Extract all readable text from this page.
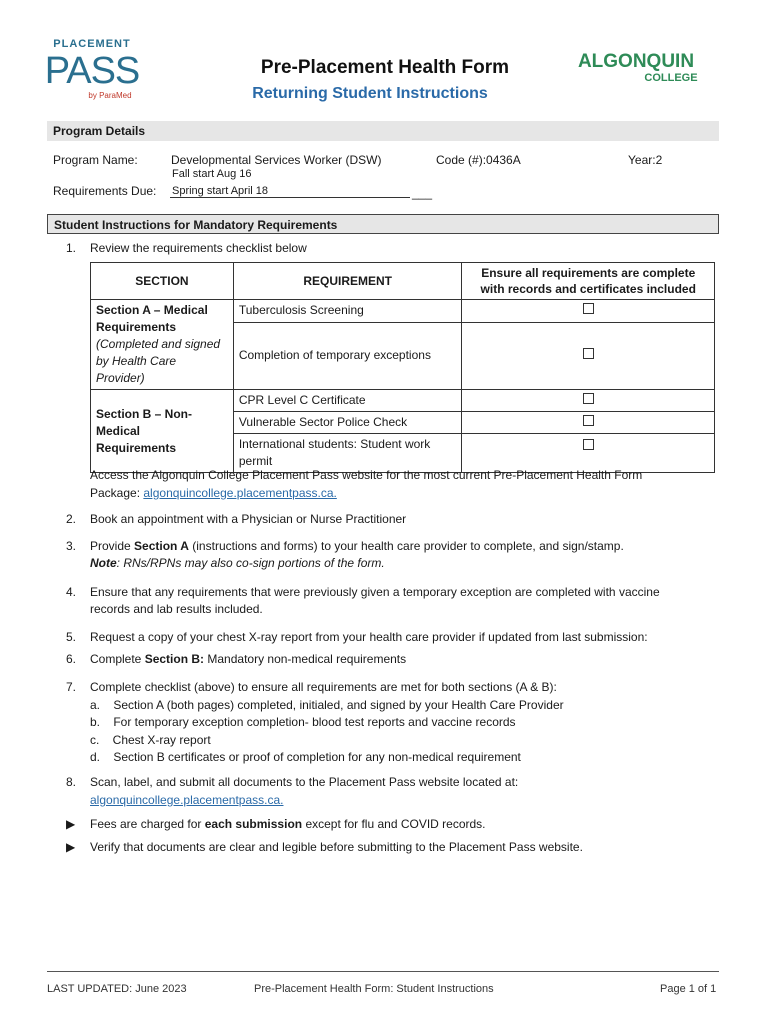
PLACEMENT
PASS
by ParaMed
ALGONQUIN
COLLEGE
Pre-Placement Health Form
Returning Student Instructions
Program Details
Program Name:	Developmental Services Worker (DSW)	Code (#):0436A	Year:2
Fall start Aug 16
Requirements Due: Spring start April 18	___
Student Instructions for Mandatory Requirements
1. Review the requirements checklist below
SECTION	REQUIREMENT	Ensure all requirements are complete
with records and certificates included

Section A – Medical
Requirements
(Completed and signed
by Health Care
Provider)	Tuberculosis Screening	
	Completion of temporary exceptions	

Section B – Non-
Medical
Requirements	CPR Level C Certificate	
	Vulnerable Sector Police Check	

	International students: Student work
permit	

Access the Algonquin College Placement Pass website for the most current Pre-Placement Health Form
Package: algonquincollege.placementpass.ca.
2. Book an appointment with a Physician or Nurse Practitioner
3. Provide Section A (instructions and forms) to your health care provider to complete, and sign/stamp.
Note: RNs/RPNs may also co-sign portions of the form.
4. Ensure that any requirements that were previously given a temporary exception are completed with vaccine
records and lab results included.
5. Request a copy of your chest X-ray report from your health care provider if updated from last submission:
6. Complete Section B: Mandatory non-medical requirements
7. Complete checklist (above) to ensure all requirements are met for both sections (A & B):
a.    Section A (both pages) completed, initialed, and signed by your Health Care Provider
b.    For temporary exception completion- blood test reports and vaccine records
c.    Chest X-ray report
d.    Section B certificates or proof of completion for any non-medical requirement
8. Scan, label, and submit all documents to the Placement Pass website located at:
algonquincollege.placementpass.ca.
▶ Fees are charged for each submission except for flu and COVID records.
▶ Verify that documents are clear and legible before submitting to the Placement Pass website.
LAST UPDATED: June 2023	Pre-Placement Health Form: Student Instructions	Page 1 of 1
